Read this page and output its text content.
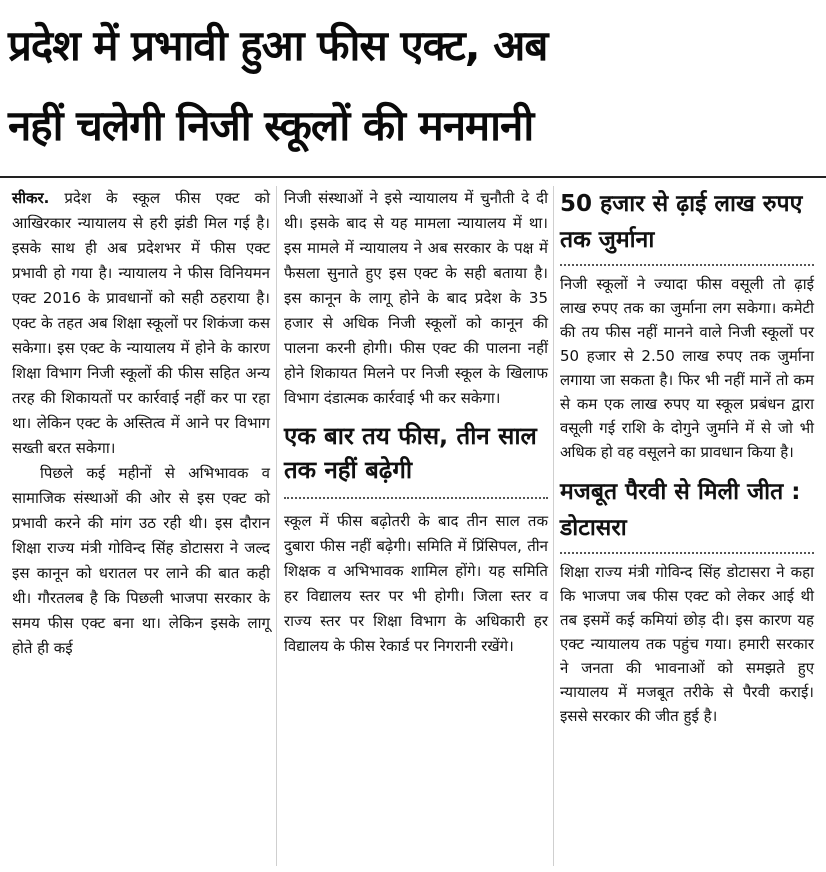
प्रदेश में प्रभावी हुआ फीस एक्ट, अब
नहीं चलेगी निजी स्कूलों की मनमानी

सीकर. प्रदेश के स्कूल फीस एक्ट को आखिरकार न्यायालय से हरी झंडी मिल गई है। इसके साथ ही अब प्रदेशभर में फीस एक्ट प्रभावी हो गया है। न्यायालय ने फीस विनियमन एक्ट 2016 के प्रावधानों को सही ठहराया है। एक्ट के तहत अब शिक्षा स्कूलों पर शिकंजा कस सकेगा। इस एक्ट के न्यायालय में होने के कारण शिक्षा विभाग निजी स्कूलों की फीस सहित अन्य तरह की शिकायतों पर कार्रवाई नहीं कर पा रहा था। लेकिन एक्ट के अस्तित्व में आने पर विभाग सख्ती बरत सकेगा।

पिछले कई महीनों से अभिभावक व सामाजिक संस्थाओं की ओर से इस एक्ट को प्रभावी करने की मांग उठ रही थी। इस दौरान शिक्षा राज्य मंत्री गोविन्द सिंह डोटासरा ने जल्द इस कानून को धरातल पर लाने की बात कही थी। गौरतलब है कि पिछली भाजपा सरकार के समय फीस एक्ट बना था। लेकिन इसके लागू होते ही कई

निजी संस्थाओं ने इसे न्यायालय में चुनौती दे दी थी। इसके बाद से यह मामला न्यायालय में था। इस मामले में न्यायालय ने अब सरकार के पक्ष में फैसला सुनाते हुए इस एक्ट के सही बताया है। इस कानून के लागू होने के बाद प्रदेश के 35 हजार से अधिक निजी स्कूलों को कानून की पालना करनी होगी। फीस एक्ट की पालना नहीं होने शिकायत मिलने पर निजी स्कूल के खिलाफ विभाग दंडात्मक कार्रवाई भी कर सकेगा।

एक बार तय फीस, तीन साल तक नहीं बढ़ेगी

स्कूल में फीस बढ़ोतरी के बाद तीन साल तक दुबारा फीस नहीं बढ़ेगी। समिति में प्रिंसिपल, तीन शिक्षक व अभिभावक शामिल होंगे। यह समिति हर विद्यालय स्तर पर भी होगी। जिला स्तर व राज्य स्तर पर शिक्षा विभाग के अधिकारी हर विद्यालय के फीस रेकार्ड पर निगरानी रखेंगे।

50 हजार से ढ़ाई लाख रुपए तक जुर्माना

निजी स्कूलों ने ज्यादा फीस वसूली तो ढ़ाई लाख रुपए तक का जुर्माना लग सकेगा। कमेटी की तय फीस नहीं मानने वाले निजी स्कूलों पर 50 हजार से 2.50 लाख रुपए तक जुर्माना लगाया जा सकता है। फिर भी नहीं मानें तो कम से कम एक लाख रुपए या स्कूल प्रबंधन द्वारा वसूली गई राशि के दोगुने जुर्माने में से जो भी अधिक हो वह वसूलने का प्रावधान किया है।

मजबूत पैरवी से मिली जीत : डोटासरा

शिक्षा राज्य मंत्री गोविन्द सिंह डोटासरा ने कहा कि भाजपा जब फीस एक्ट को लेकर आई थी तब इसमें कई कमियां छोड़ दी। इस कारण यह एक्ट न्यायालय तक पहुंच गया। हमारी सरकार ने जनता की भावनाओं को समझते हुए न्यायालय में मजबूत तरीके से पैरवी कराई। इससे सरकार की जीत हुई है।
